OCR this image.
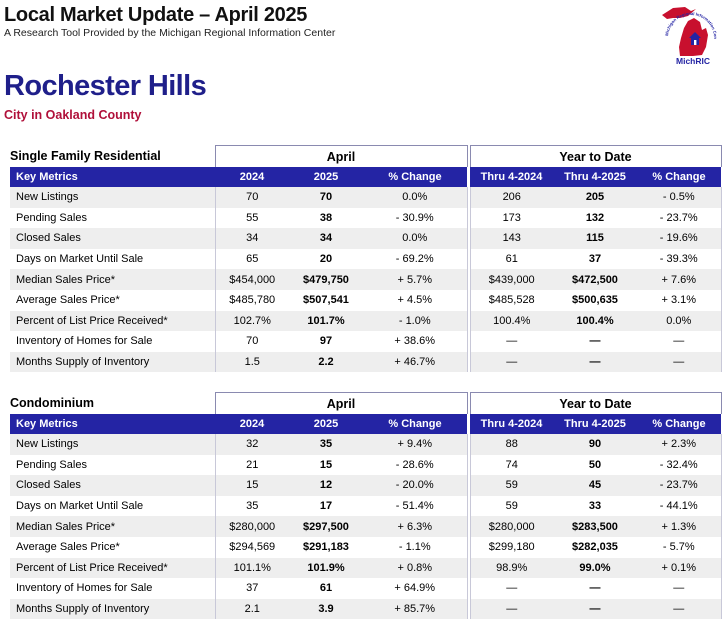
Local Market Update – April 2025
A Research Tool Provided by the Michigan Regional Information Center	Michigan Regional Information Cen
MichRIC
Rochester Hills
City in Oakland County
Single Family Residential	April				Year to Date		
Key Metrics	2024	2025	% Change		Thru 4-2024	Thru 4-2025	% Change
New Listings	70	70	0.0%		206	205	- 0.5%
Pending Sales	55	38	- 30.9%		173	132	- 23.7%
Closed Sales	34	34	0.0%		143	115	- 19.6%
Days on Market Until Sale	65	20	- 69.2%		61	37	- 39.3%
Median Sales Price*	$454,000	$479,750	+ 5.7%		$439,000	$472,500	+ 7.6%
Average Sales Price*	$485,780	$507,541	+ 4.5%		$485,528	$500,635	+ 3.1%
Percent of List Price Received*	102.7%	101.7%	- 1.0%		100.4%	100.4%	0.0%
Inventory of Homes for Sale	70	97	+ 38.6%		—	—	—
Months Supply of Inventory	1.5	2.2	+ 46.7%		—	—	—
Condominium	April				Year to Date		
Key Metrics	2024	2025	% Change		Thru 4-2024	Thru 4-2025	% Change
New Listings	32	35	+ 9.4%		88	90	+ 2.3%
Pending Sales	21	15	- 28.6%		74	50	- 32.4%
Closed Sales	15	12	- 20.0%		59	45	- 23.7%
Days on Market Until Sale	35	17	- 51.4%		59	33	- 44.1%
Median Sales Price*	$280,000	$297,500	+ 6.3%		$280,000	$283,500	+ 1.3%
Average Sales Price*	$294,569	$291,183	- 1.1%		$299,180	$282,035	- 5.7%
Percent of List Price Received*	101.1%	101.9%	+ 0.8%		98.9%	99.0%	+ 0.1%
Inventory of Homes for Sale	37	61	+ 64.9%		—	—	—
Months Supply of Inventory	2.1	3.9	+ 85.7%		—	—	—
